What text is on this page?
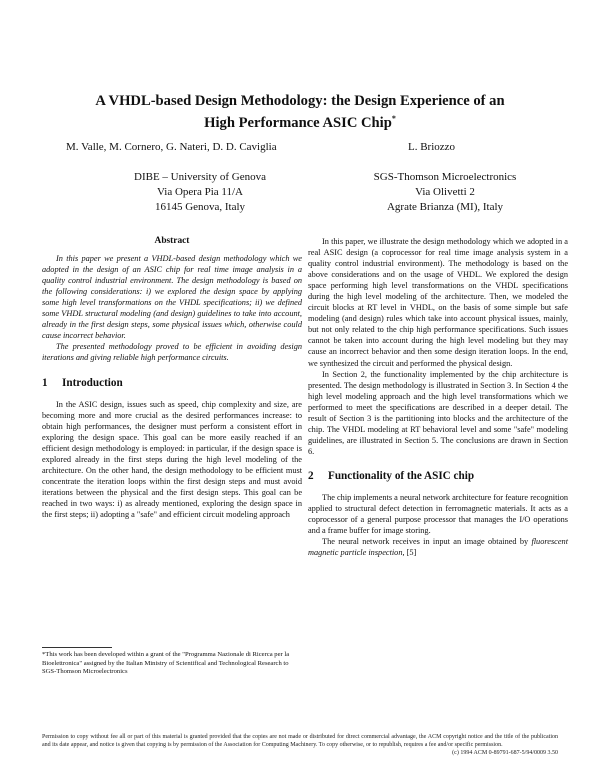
A VHDL-based Design Methodology: the Design Experience of an
High Performance ASIC Chip*
M. Valle, M. Cornero, G. Nateri, D. D. Caviglia	L. Briozzo
DIBE – University of Genova
Via Opera Pia 11/A
16145 Genova, Italy
SGS-Thomson Microelectronics
Via Olivetti 2
Agrate Brianza (MI), Italy
Abstract

In this paper we present a VHDL-based design methodology which we adopted in the design of an ASIC chip for real time image analysis in a quality control industrial environment. The design methodology is based on the following considerations: i) we explored the design space by applying some high level transformations on the VHDL specifications; ii) we defined some VHDL structural modeling (and design) guidelines to take into account, already in the first design steps, some physical issues which, otherwise could cause incorrect behavior.

The presented methodology proved to be efficient in avoiding design iterations and giving reliable high performance circuits.

1 Introduction

In the ASIC design, issues such as speed, chip complexity and size, are becoming more and more crucial as the desired performances increase: to obtain high performances, the designer must perform a consistent effort in exploring the design space. This goal can be more easily reached if an efficient design methodology is employed: in particular, if the design space is explored already in the first steps during the high level modeling of the architecture. On the other hand, the design methodology to be efficient must concentrate the iteration loops within the first design steps and must avoid iterations between the physical and the first design steps. This goal can be reached in two ways: i) as already mentioned, exploring the design space in the first steps; ii) adopting a "safe" and efficient circuit modeling approach

In this paper, we illustrate the design methodology which we adopted in a real ASIC design (a coprocessor for real time image analysis system in a quality control industrial environment). The methodology is based on the above considerations and on the usage of VHDL. We explored the design space performing high level transformations on the VHDL specifications during the high level modeling of the architecture. Then, we modeled the circuit blocks at RT level in VHDL, on the basis of some simple but safe modeling (and design) rules which take into account physical issues, mainly, but not only related to the chip high performance specifications. Such issues cannot be taken into account during the high level modeling but they may cause an incorrect behavior and then some design iteration loops. In the end, we synthesized the circuit and performed the physical design.

In Section 2, the functionality implemented by the chip architecture is presented. The design methodology is illustrated in Section 3. In Section 4 the high level modeling approach and the high level transformations which we performed to meet the specifications are described in a deeper detail. The result of Section 3 is the partitioning into blocks and the architecture of the chip. The VHDL modeling at RT behavioral level and some "safe" modeling guidelines, are illustrated in Section 5. The conclusions are drawn in Section 6.

2 Functionality of the ASIC chip

The chip implements a neural network architecture for feature recognition applied to structural defect detection in ferromagnetic materials. It acts as a coprocessor of a general purpose processor that manages the I/O operations and a frame buffer for image storing.

The neural network receives in input an image obtained by fluorescent magnetic particle inspection, [5]

*This work has been developed within a grant of the "Programma Nazionale di Ricerca per la Bioelettronica" assigned by the Italian Ministry of Scientifical and Technological Research to SGS-Thomson Microelectronics
Permission to copy without fee all or part of this material is granted provided that the copies are not made or distributed for direct commercial advantage, the ACM copyright notice and the title of the publication and its date appear, and notice is given that copying is by permission of the Association for Computing Machinery. To copy otherwise, or to republish, requires a fee and/or specific permission.
(c) 1994 ACM 0-89791-687-5/94/0009 3.50
